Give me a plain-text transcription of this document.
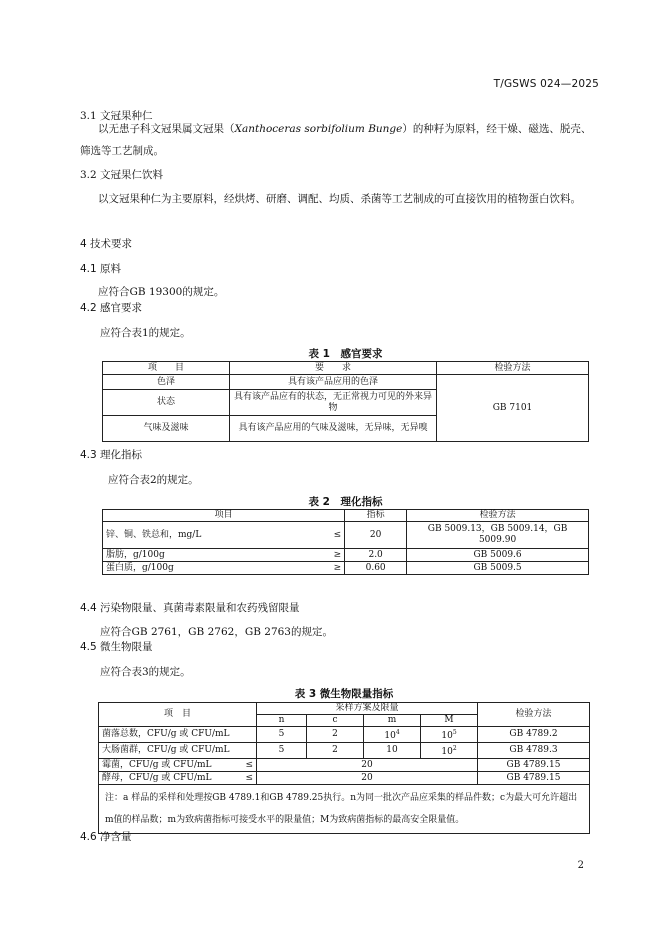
T/GSWS 024—2025
3.1 文冠果种仁
以无患子科文冠果属文冠果（Xanthoceras sorbifolium Bunge）的种籽为原料，经干燥、磁选、脱壳、筛选等工艺制成。
3.2 文冠果仁饮料
以文冠果种仁为主要原料，经烘烤、研磨、调配、均质、杀菌等工艺制成的可直接饮用的植物蛋白饮料。
4 技术要求
4.1 原料
应符合GB 19300的规定。
4.2 感官要求
应符合表1的规定。
表 1　感官要求
项　　目	要　　求	检验方法
色泽	具有该产品应用的色泽	GB 7101
状态	具有该产品应有的状态，无正常视力可见的外来异物	
气味及滋味	具有该产品应用的气味及滋味，无异味，无异嗅	
4.3 理化指标
应符合表2的规定。
表 2　理化指标
项目		指标	检验方法
锌、铜、铁总和，mg/L	≤	20	GB 5009.13，GB 5009.14，GB 5009.90
脂肪，g/100g	≥	2.0	GB 5009.6
蛋白质，g/100g	≥	0.60	GB 5009.5
4.4 污染物限量、真菌毒素限量和农药残留限量
应符合GB 2761，GB 2762，GB 2763的规定。
4.5 微生物限量
应符合表3的规定。
表 3 微生物限量指标
项　目		采样方案及限量				检验方法
		n	c	m	M	
菌落总数，CFU/g 或 CFU/mL		5	2	$10^4$	$10^5$	GB 4789.2
大肠菌群，CFU/g 或 CFU/mL		5	2	10	$10^2$	GB 4789.3
霉菌，CFU/g 或 CFU/mL	≤	20				GB 4789.15
酵母，CFU/g 或 CFU/mL	≤	20				GB 4789.15
注：a 样品的采样和处理按GB 4789.1和GB 4789.25执行。n为同一批次产品应采集的样品件数；c为最大可允许超出m值的样品数；m为致病菌指标可接受水平的限量值；M为致病菌指标的最高安全限量值。						
4.6 净含量
2
